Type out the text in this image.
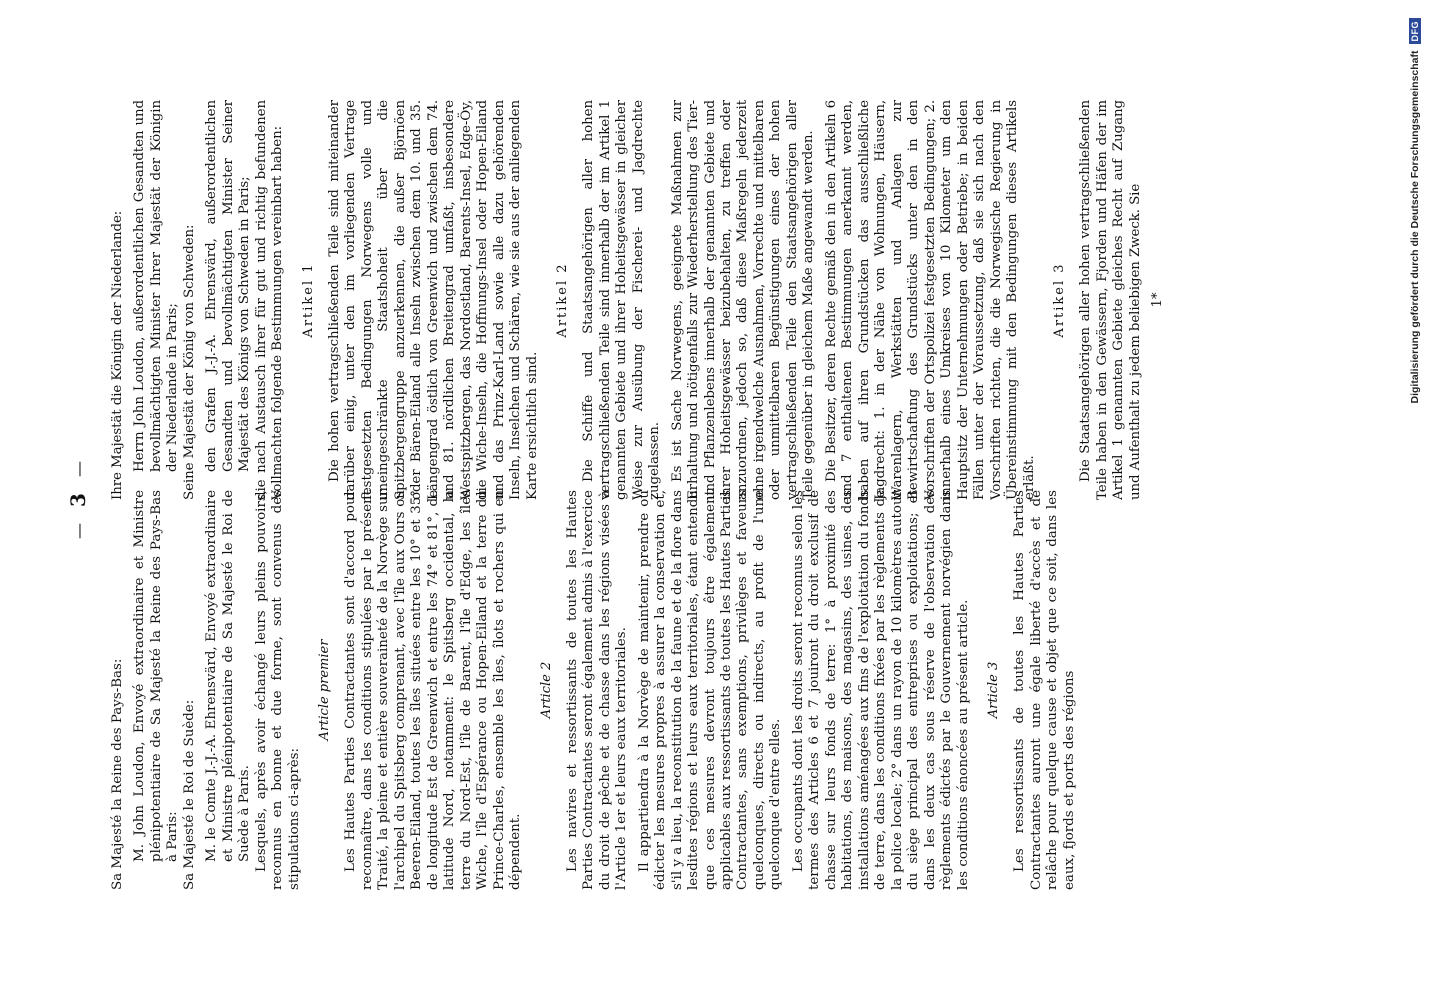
—
3
—

Sa Majesté la Reine des Pays-Bas: M. John Loudon, Envoyé extraordinaire et Ministre plénipotentiaire de Sa Majesté la Reine des Pays-Bas à Paris: Sa Majesté le Roi de Suède: M. le Comte J.-J.-A. Ehrensvärd, Envoyé extraordinaire et Ministre plénipotentiaire de Sa Majesté le Roi de Suède à Paris. Lesquels, après avoir échangé leurs pleins pouvoirs, reconnus en bonne et due forme, sont convenus des stipulations ci-après:

Article premier Les Hautes Parties Contractantes sont d'accord pour reconnaître, dans les conditions stipulées par le présent Traité, la pleine et entière souveraineté de la Norvège sur l'archipel du Spitsberg comprenant, avec l'île aux Ours ou Beeren-Eiland, toutes les îles situées entre les 10° et 35° de longitude Est de Greenwich et entre les 74° et 81°, de latitude Nord, notamment: le Spitsberg occidental, la terre du Nord-Est, l'île de Barent, l'île d'Edge, les îles Wiche, l'île d'Espérance ou Hopen-Eiland et la terre du Prince-Charles, ensemble les îles, îlots et rochers qui en dépendent.

Article 2 Les navires et ressortissants de toutes les Hautes Parties Contractantes seront également admis à l'exercice du droit de pêche et de chasse dans les régions visées à l'Article 1er et leurs eaux territoriales. Il appartiendra à la Norvège de maintenir, prendre ou édicter les mesures propres à assurer la conservation et, s'il y a lieu, la reconstitution de la faune et de la flore dans lesdites régions et leurs eaux territoriales, étant entendu que ces mesures devront toujours être également applicables aux ressortissants de toutes les Hautes Parties Contractantes, sans exemptions, privilèges et faveurs quelconques, directs ou indirects, au profit de l'une quelconque d'entre elles. Les occupants dont les droits seront reconnus selon les termes des Articles 6 et 7 jouiront du droit exclusif de chasse sur leurs fonds de terre: 1° à proximité des habitations, des maisons, des magasins, des usines, des installations aménagées aux fins de l'exploitation du fonds de terre, dans les conditions fixées par les règlements de la police locale; 2° dans un rayon de 10 kilomètres autour du siège principal des entreprises ou exploitations; et dans les deux cas sous réserve de l'observation des règlements édictés par le Gouvernement norvégien dans les conditions énoncées au présent article. Article 3 Les ressortissants de toutes les Hautes Parties Contractantes auront une égale liberté d'accès et de relâche pour quelque cause et objet que ce soit, dans les eaux, fjords et ports des régions

Ihre Majestät die Königin der Niederlande: Herrn John Loudon, außerordentlichen Gesandten und bevollmächtigten Minister Ihrer Majestät der Königin der Niederlande in Paris; Seine Majestät der König von Schweden: den Grafen J.-J.-A. Ehrensvärd, außerordentlichen Gesandten und bevollmächtigten Minister Seiner Majestät des Königs von Schweden in Paris; die nach Austausch ihrer für gut und richtig befundenen Vollmachten folgende Bestimmungen vereinbart haben: Artikel 1 Die hohen vertragschließenden Teile sind miteinander darüber einig, unter den im vorliegenden Vertrage festgesetzten Bedingungen Norwegens volle und uneingeschränkte Staatshoheit über die Spitzbergengruppe anzuerkennen, die außer Björnöen oder Bären-Eiland alle Inseln zwischen dem 10. und 35. Längengrad östlich von Greenwich und zwischen dem 74. und 81. nördlichen Breitengrad umfaßt, insbesondere Westspitzbergen, das Nordostland, Barents-Insel, Edge-Öy, die Wiche-Inseln, die Hoffnungs-Insel oder Hopen-Eiland und das Prinz-Karl-Land sowie alle dazu gehörenden Inseln, Inselchen und Schären, wie sie aus der anliegenden Karte ersichtlich sind.

Artikel 2 Die Schiffe und Staatsangehörigen aller hohen vertragschließenden Teile sind innerhalb der im Artikel 1 genannten Gebiete und ihrer Hoheitsgewässer in gleicher Weise zur Ausübung der Fischerei- und Jagdrechte zugelassen. Es ist Sache Norwegens, geeignete Maßnahmen zur Erhaltung und nötigenfalls zur Wiederherstellung des Tier- und Pflanzenlebens innerhalb der genannten Gebiete und ihrer Hoheitsgewässer beizubehalten, zu treffen oder anzuordnen, jedoch so, daß diese Maßregeln jederzeit ohne irgendwelche Ausnahmen, Vorrechte und mittelbaren oder unmittelbaren Begünstigungen eines der hohen vertragschließenden Teile den Staatsangehörigen aller Teile gegenüber in gleichem Maße angewandt werden. Die Besitzer, deren Rechte gemäß den in den Artikeln 6 und 7 enthaltenen Bestimmungen anerkannt werden, haben auf ihren Grundstücken das ausschließliche Jagdrecht: 1. in der Nähe von Wohnungen, Häusern, Warenlagern, Werkstätten und Anlagen zur Bewirtschaftung des Grundstücks unter den in den Vorschriften der Ortspolizei festgesetzten Bedingungen; 2. innerhalb eines Umkreises von 10 Kilometer um den Hauptsitz der Unternehmungen oder Betriebe; in beiden Fällen unter der Voraussetzung, daß sie sich nach den Vorschriften richten, die die Norwegische Regierung in Übereinstimmung mit den Bedingungen dieses Artikels erläßt.

Artikel 3 Die Staatsangehörigen aller hohen vertragschließenden Teile haben in den Gewässern, Fjorden und Häfen der im Artikel 1 genannten Gebiete gleiches Recht auf Zugang und Aufenthalt zu jedem beliebigen Zweck. Sie 1*	Digitalisierung gefördert durch die Deutsche Forschungsgemeinschaft
DFG
